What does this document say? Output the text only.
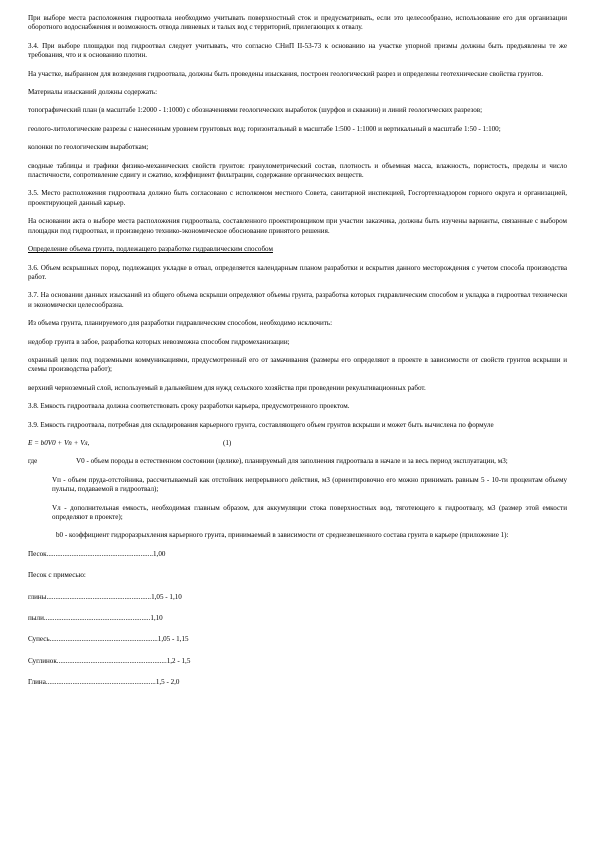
При выборе места расположения гидроотвала необходимо учитывать поверхностный сток и предусматривать, если это целесообразно, использование его для организации оборотного водоснабжения и возможность отвода ливневых и талых вод с территорий, прилегающих к отвалу.

3.4. При выборе площадки под гидроотвал следует учитывать, что согласно СНиП II-53-73 к основанию на участке упорной призмы должны быть предъявлены те же требования, что и к основанию плотин.

На участке, выбранном для возведения гидроотвала, должны быть проведены изыскания, построен геологический разрез и определены геотехнические свойства грунтов.

Материалы изысканий должны содержать:

топографический план (в масштабе 1:2000 - 1:1000) с обозначениями геологических выработок (шурфов и скважин) и линий геологических разрезов;

геолого-литологические разрезы с нанесенным уровнем грунтовых вод; горизонтальный в масштабе 1:500 - 1:1000 и вертикальный в масштабе 1:50 - 1:100;

колонки по геологическим выработкам;

сводные таблицы и графики физико-механических свойств грунтов: гранулометрический состав, плотность и объемная масса, влажность, пористость, пределы и число пластичности, сопротивление сдвигу и сжатию, коэффициент фильтрации, содержание органических веществ.

3.5. Место расположения гидроотвала должно быть согласовано с исполкомом местного Совета, санитарной инспекцией, Госгортехнадзором горного округа и организацией, проектирующей данный карьер.

На основании акта о выборе места расположения гидроотвала, составленного проектировщиком при участии заказчика, должны быть изучены варианты, связанные с выбором площадки под гидроотвал, и произведено технико-экономическое обоснование принятого решения.

Определение объема грунта, подлежащего разработке гидравлическим способом

3.6. Объем вскрышных пород, подлежащих укладке в отвал, определяется календарным планом разработки и вскрытия данного месторождения с учетом способа производства работ.

3.7. На основании данных изысканий из общего объема вскрыши определяют объемы грунта, разработка которых гидравлическим способом и укладка в гидроотвал технически и экономически целесообразна.

Из объема грунта, планируемого для разработки гидравлическим способом, необходимо исключить:

недобор грунта в забое, разработка которых невозможна способом гидромеханизации;

охранный целик под подземными коммуникациями, предусмотренный его от замачивания (размеры его определяют в проекте в зависимости от свойств грунтов вскрыши и схемы производства работ);

верхний черноземный слой, используемый в дальнейшем для нужд сельского хозяйства при проведении рекультивационных работ.

3.8. Емкость гидроотвала должна соответствовать сроку разработки карьера, предусмотренного проектом.

3.9. Емкость гидроотвала, потребная для складирования карьерного грунта, составляющего объем грунтов вскрыши и может быть вычислена по формуле

E = b0V0 + Vп + Vл,	(1)
где	V0 - объем породы в естественном состоянии (целике), планируемый для заполнения гидроотвала в начале и за весь период эксплуатации, м3;

Vп - объем пруда-отстойника, рассчитываемый как отстойник непрерывного действия, м3 (ориентировочно его можно принимать равным 5 - 10-ти процентам объему пульпы, подаваемой в гидроотвал);

Vл - дополнительная емкость, необходимая главным образом, для аккумуляции стока поверхностных вод, тяготеющего к гидроотвалу, м3 (размер этой емкости определяют в проекте);

b0 - коэффициент гидроразрыхления карьерного грунта, принимаемый в зависимости от среднезвешенного состава грунта в карьере (приложение 1):

Песок............................................................ 1,00
Песок с примесью:
глины........................................................... 1,05 - 1,10
пыли............................................................ 1,10
Супесь............................................................. 1,05 - 1,15
Суглинок.............................................................. 1,2 - 1,5
Глина.............................................................. 1,5 - 2,0
